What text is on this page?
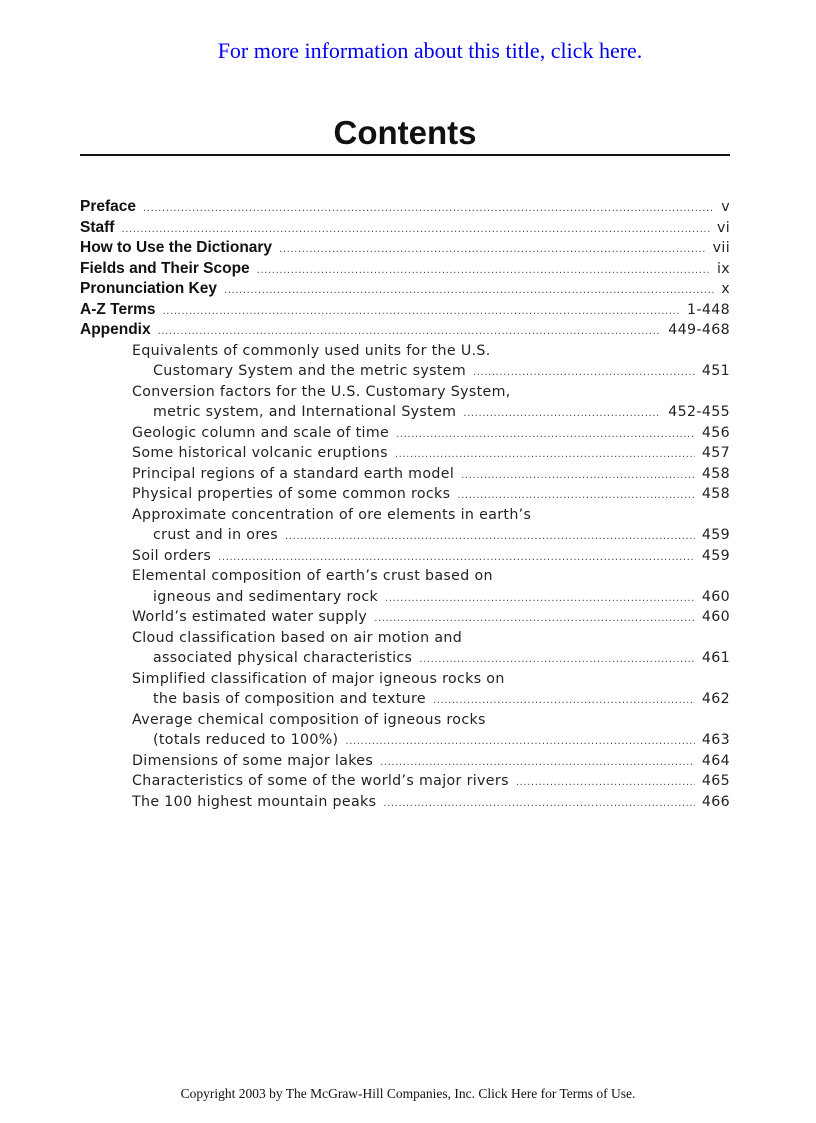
For more information about this title, click here.
Contents
Preface .....	v
Staff .....	vi
How to Use the Dictionary .....	vii
Fields and Their Scope .....	ix
Pronunciation Key .....	x
A-Z Terms .....	1-448
Appendix .....	449-468
Equivalents of commonly used units for the U.S.
Customary System and the metric system .....	451
Conversion factors for the U.S. Customary System,
metric system, and International System .....	452-455
Geologic column and scale of time .....	456
Some historical volcanic eruptions .....	457
Principal regions of a standard earth model .....	458
Physical properties of some common rocks .....	458
Approximate concentration of ore elements in earth’s
crust and in ores .....	459
Soil orders .....	459
Elemental composition of earth’s crust based on
igneous and sedimentary rock .....	460
World’s estimated water supply .....	460
Cloud classification based on air motion and
associated physical characteristics .....	461
Simplified classification of major igneous rocks on
the basis of composition and texture .....	462
Average chemical composition of igneous rocks
(totals reduced to 100%) .....	463
Dimensions of some major lakes .....	464
Characteristics of some of the world’s major rivers .....	465
The 100 highest mountain peaks .....	466
Copyright 2003 by The McGraw-Hill Companies, Inc. Click Here for Terms of Use.
